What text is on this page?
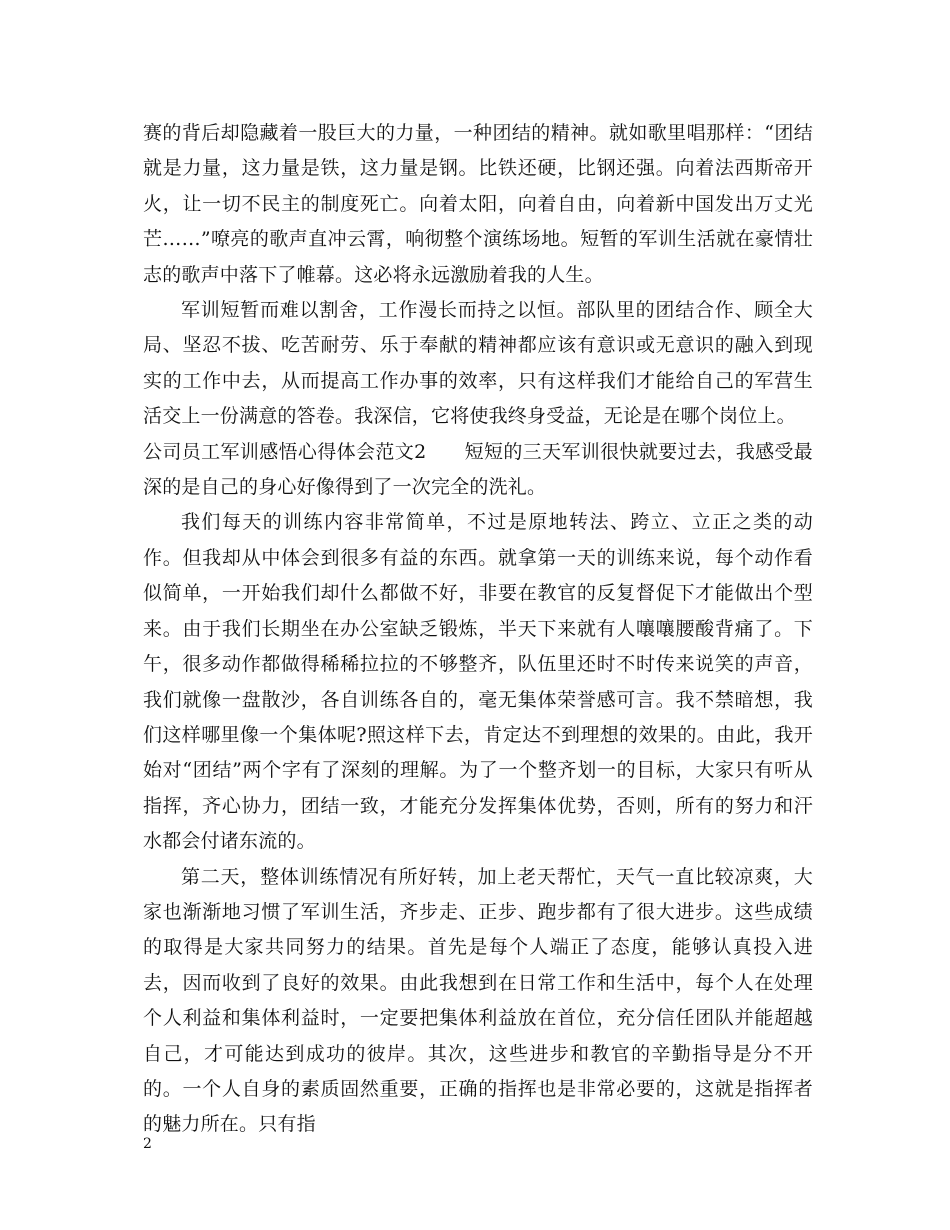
赛的背后却隐藏着一股巨大的力量，一种团结的精神。就如歌里唱那样：“团结就是力量，这力量是铁，这力量是钢。比铁还硬，比钢还强。向着法西斯帝开火，让一切不民主的制度死亡。向着太阳，向着自由，向着新中国发出万丈光芒……”嘹亮的歌声直冲云霄，响彻整个演练场地。短暂的军训生活就在豪情壮志的歌声中落下了帷幕。这必将永远激励着我的人生。

军训短暂而难以割舍，工作漫长而持之以恒。部队里的团结合作、顾全大局、坚忍不拔、吃苦耐劳、乐于奉献的精神都应该有意识或无意识的融入到现实的工作中去，从而提高工作办事的效率，只有这样我们才能给自己的军营生活交上一份满意的答卷。我深信，它将使我终身受益，无论是在哪个岗位上。

公司员工军训感悟心得体会范文2 短短的三天军训很快就要过去，我感受最深的是自己的身心好像得到了一次完全的洗礼。

我们每天的训练内容非常简单，不过是原地转法、跨立、立正之类的动作。但我却从中体会到很多有益的东西。就拿第一天的训练来说，每个动作看似简单，一开始我们却什么都做不好，非要在教官的反复督促下才能做出个型来。由于我们长期坐在办公室缺乏锻炼，半天下来就有人嚷嚷腰酸背痛了。下午，很多动作都做得稀稀拉拉的不够整齐，队伍里还时不时传来说笑的声音，我们就像一盘散沙，各自训练各自的，毫无集体荣誉感可言。我不禁暗想，我们这样哪里像一个集体呢?照这样下去，肯定达不到理想的效果的。由此，我开始对“团结”两个字有了深刻的理解。为了一个整齐划一的目标，大家只有听从指挥，齐心协力，团结一致，才能充分发挥集体优势，否则，所有的努力和汗水都会付诸东流的。

第二天，整体训练情况有所好转，加上老天帮忙，天气一直比较凉爽，大家也渐渐地习惯了军训生活，齐步走、正步、跑步都有了很大进步。这些成绩的取得是大家共同努力的结果。首先是每个人端正了态度，能够认真投入进去，因而收到了良好的效果。由此我想到在日常工作和生活中，每个人在处理个人利益和集体利益时，一定要把集体利益放在首位，充分信任团队并能超越自己，才可能达到成功的彼岸。其次，这些进步和教官的辛勤指导是分不开的。一个人自身的素质固然重要，正确的指挥也是非常必要的，这就是指挥者的魅力所在。只有指

2
